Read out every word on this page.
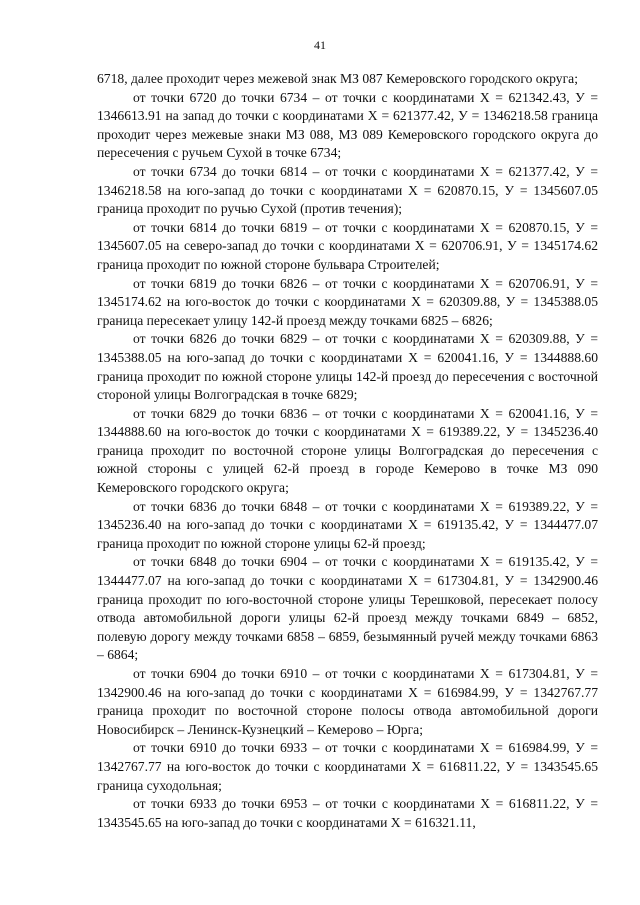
41

6718, далее проходит через межевой знак МЗ 087 Кемеровского городского округа;

от точки 6720 до точки 6734 – от точки с координатами Х = 621342.43, У = 1346613.91 на запад до точки с координатами Х = 621377.42, У = 1346218.58 граница проходит через межевые знаки МЗ 088, МЗ 089 Кемеровского городского округа до пересечения с ручьем Сухой в точке 6734;

от точки 6734 до точки 6814 – от точки с координатами Х = 621377.42, У = 1346218.58 на юго-запад до точки с координатами Х = 620870.15, У = 1345607.05 граница проходит по ручью Сухой (против течения);

от точки 6814 до точки 6819 – от точки с координатами Х = 620870.15, У = 1345607.05 на северо-запад до точки с координатами Х = 620706.91, У = 1345174.62 граница проходит по южной стороне бульвара Строителей;

от точки 6819 до точки 6826 – от точки с координатами Х = 620706.91, У = 1345174.62 на юго-восток до точки с координатами Х = 620309.88, У = 1345388.05 граница пересекает улицу 142-й проезд между точками 6825 – 6826;

от точки 6826 до точки 6829 – от точки с координатами Х = 620309.88, У = 1345388.05 на юго-запад до точки с координатами Х = 620041.16, У = 1344888.60 граница проходит по южной стороне улицы 142-й проезд до пересечения с восточной стороной улицы Волгоградская в точке 6829;

от точки 6829 до точки 6836 – от точки с координатами Х = 620041.16, У = 1344888.60 на юго-восток до точки с координатами Х = 619389.22, У = 1345236.40 граница проходит по восточной стороне улицы Волгоградская до пересечения с южной стороны с улицей 62-й проезд в городе Кемерово в точке МЗ 090 Кемеровского городского округа;

от точки 6836 до точки 6848 – от точки с координатами Х = 619389.22, У = 1345236.40 на юго-запад до точки с координатами Х = 619135.42, У = 1344477.07 граница проходит по южной стороне улицы 62-й проезд;

от точки 6848 до точки 6904 – от точки с координатами Х = 619135.42, У = 1344477.07 на юго-запад до точки с координатами Х = 617304.81, У = 1342900.46 граница проходит по юго-восточной стороне улицы Терешковой, пересекает полосу отвода автомобильной дороги улицы 62-й проезд между точками 6849 – 6852, полевую дорогу между точками 6858 – 6859, безымянный ручей между точками 6863 – 6864;

от точки 6904 до точки 6910 – от точки с координатами Х = 617304.81, У = 1342900.46 на юго-запад до точки с координатами Х = 616984.99, У = 1342767.77 граница проходит по восточной стороне полосы отвода автомобильной дороги Новосибирск – Ленинск-Кузнецкий – Кемерово – Юрга;

от точки 6910 до точки 6933 – от точки с координатами Х = 616984.99, У = 1342767.77 на юго-восток до точки с координатами Х = 616811.22, У = 1343545.65 граница суходольная;

от точки 6933 до точки 6953 – от точки с координатами Х = 616811.22, У = 1343545.65 на юго-запад до точки с координатами Х = 616321.11,
